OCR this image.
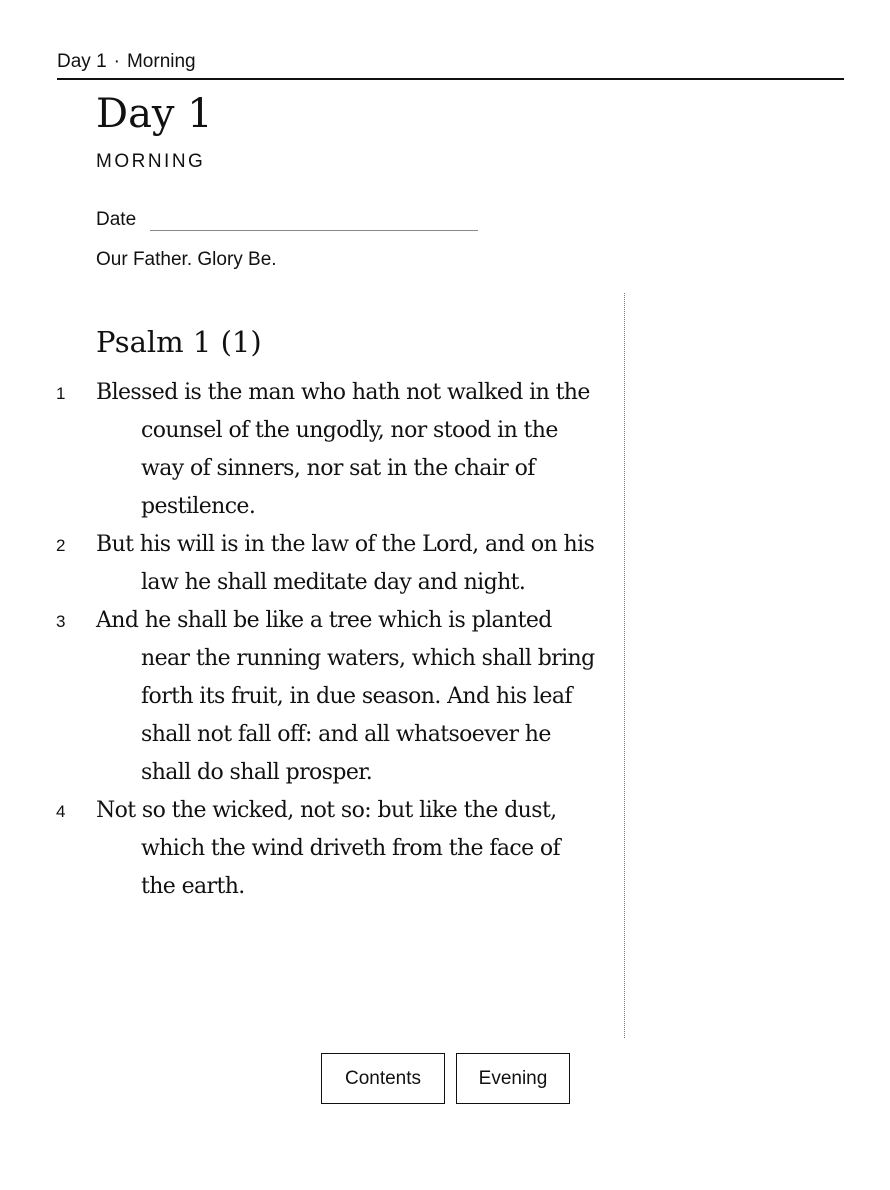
Day 1 · Morning
Day 1
MORNING
Date
Our Father. Glory Be.
Psalm 1 (1)
1 Blessed is the man who hath not walked in the counsel of the ungodly, nor stood in the way of sinners, nor sat in the chair of pestilence.
2 But his will is in the law of the Lord, and on his law he shall meditate day and night.
3 And he shall be like a tree which is planted near the running waters, which shall bring forth its fruit, in due season. And his leaf shall not fall off: and all whatsoever he shall do shall prosper.
4 Not so the wicked, not so: but like the dust, which the wind driveth from the face of the earth.
Contents	Evening
